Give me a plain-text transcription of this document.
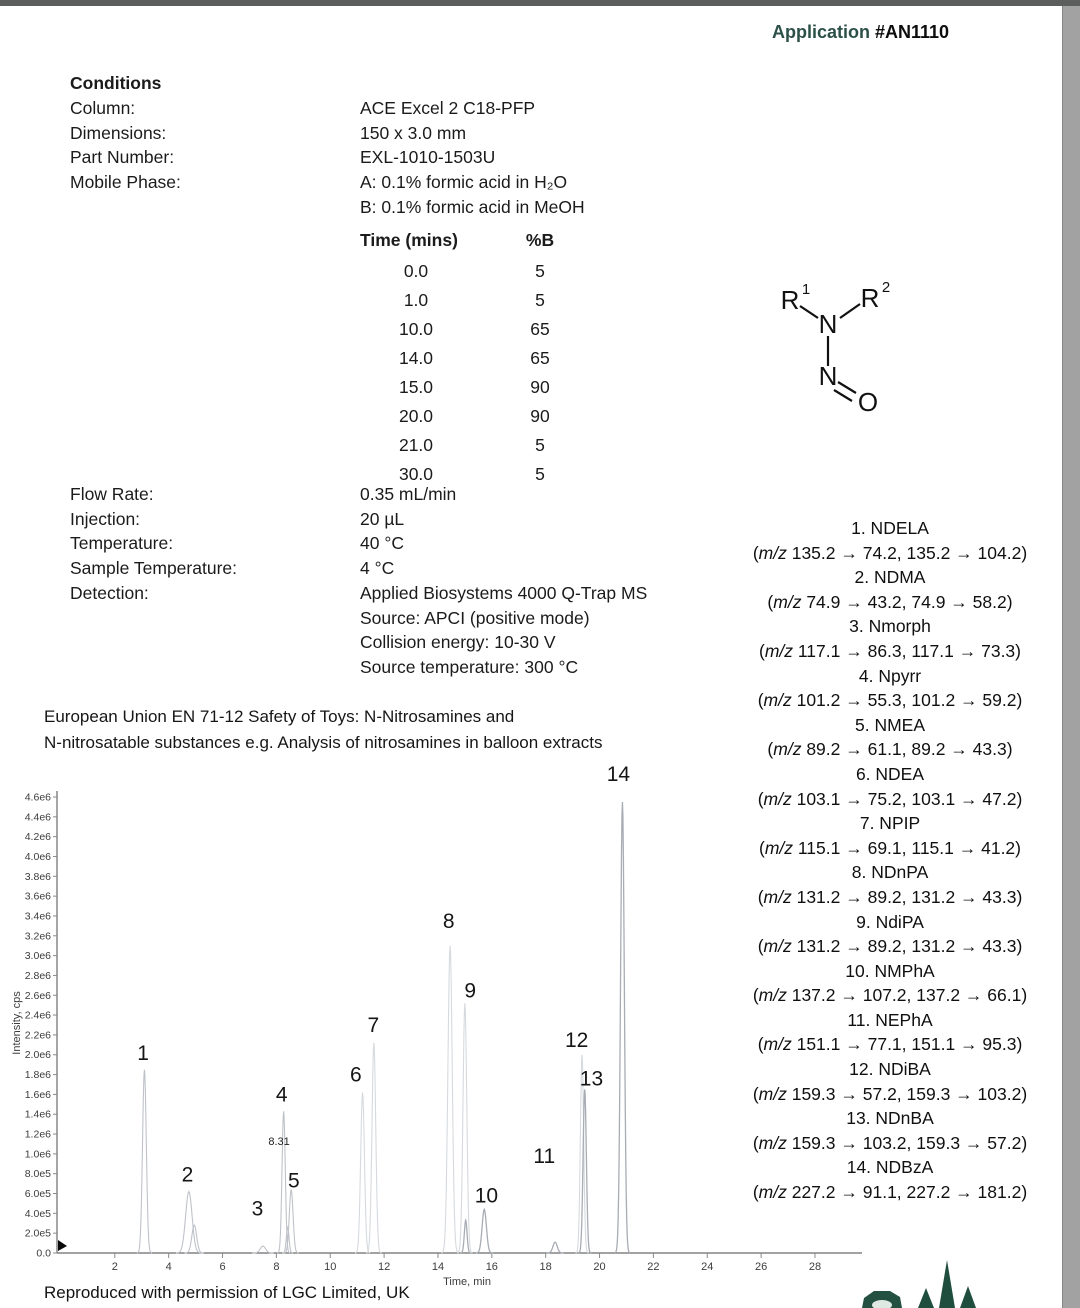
Application #AN1110
Conditions
Column:	ACE Excel 2 C18-PFP
Dimensions:	150 x 3.0 mm
Part Number:	EXL-1010-1503U
Mobile Phase:	A: 0.1% formic acid in H₂O
B: 0.1% formic acid in MeOH
Time (mins)	%B
0.0	5
1.0	5
10.0	65
14.0	65
15.0	90
20.0	90
21.0	5
30.0	5
Flow Rate:	0.35 mL/min
Injection:	20 µL
Temperature:	40 °C
Sample Temperature:	4 °C
Detection:	Applied Biosystems 4000 Q-Trap MS
Source: APCI (positive mode)
Collision energy: 10-30 V
Source temperature: 300 °C
R 1 R 2
N
N
O
European Union EN 71-12 Safety of Toys: N-Nitrosamines and
N-nitrosatable substances e.g. Analysis of nitrosamines in balloon extracts
1. NDELA
(m/z 135.2 → 74.2, 135.2 → 104.2)
2. NDMA
(m/z 74.9 → 43.2, 74.9 → 58.2)
3. Nmorph
(m/z 117.1 → 86.3, 117.1 → 73.3)
4. Npyrr
(m/z 101.2 → 55.3, 101.2 → 59.2)
5. NMEA
(m/z 89.2 → 61.1, 89.2 → 43.3)
6. NDEA
(m/z 103.1 → 75.2, 103.1 → 47.2)
7. NPIP
(m/z 115.1 → 69.1, 115.1 → 41.2)
8. NDnPA
(m/z 131.2 → 89.2, 131.2 → 43.3)
9. NdiPA
(m/z 131.2 → 89.2, 131.2 → 43.3)
10. NMPhA
(m/z 137.2 → 107.2, 137.2 → 66.1)
11. NEPhA
(m/z 151.1 → 77.1, 151.1 → 95.3)
12. NDiBA
(m/z 159.3 → 57.2, 159.3 → 103.2)
13. NDnBA
(m/z 159.3 → 103.2, 159.3 → 57.2)
14. NDBzA
(m/z 227.2 → 91.1, 227.2 → 181.2)
0.0
2.0e5
4.0e5
6.0e5
8.0e5
1.0e6
1.2e6
1.4e6
1.6e6
1.8e6
2.0e6
2.2e6
2.4e6
2.6e6
2.8e6
3.0e6
3.2e6
3.4e6
3.6e6
3.8e6
4.0e6
4.2e6
4.4e6
4.6e6
2	4	6	8	10	12	14	16	18	20	22	24	26	28
Time, min
Intensity, cps	1
2
3
4
5
6
7
8
9
10
11
12
13
14
8.31
Reproduced with permission of LGC Limited, UK
